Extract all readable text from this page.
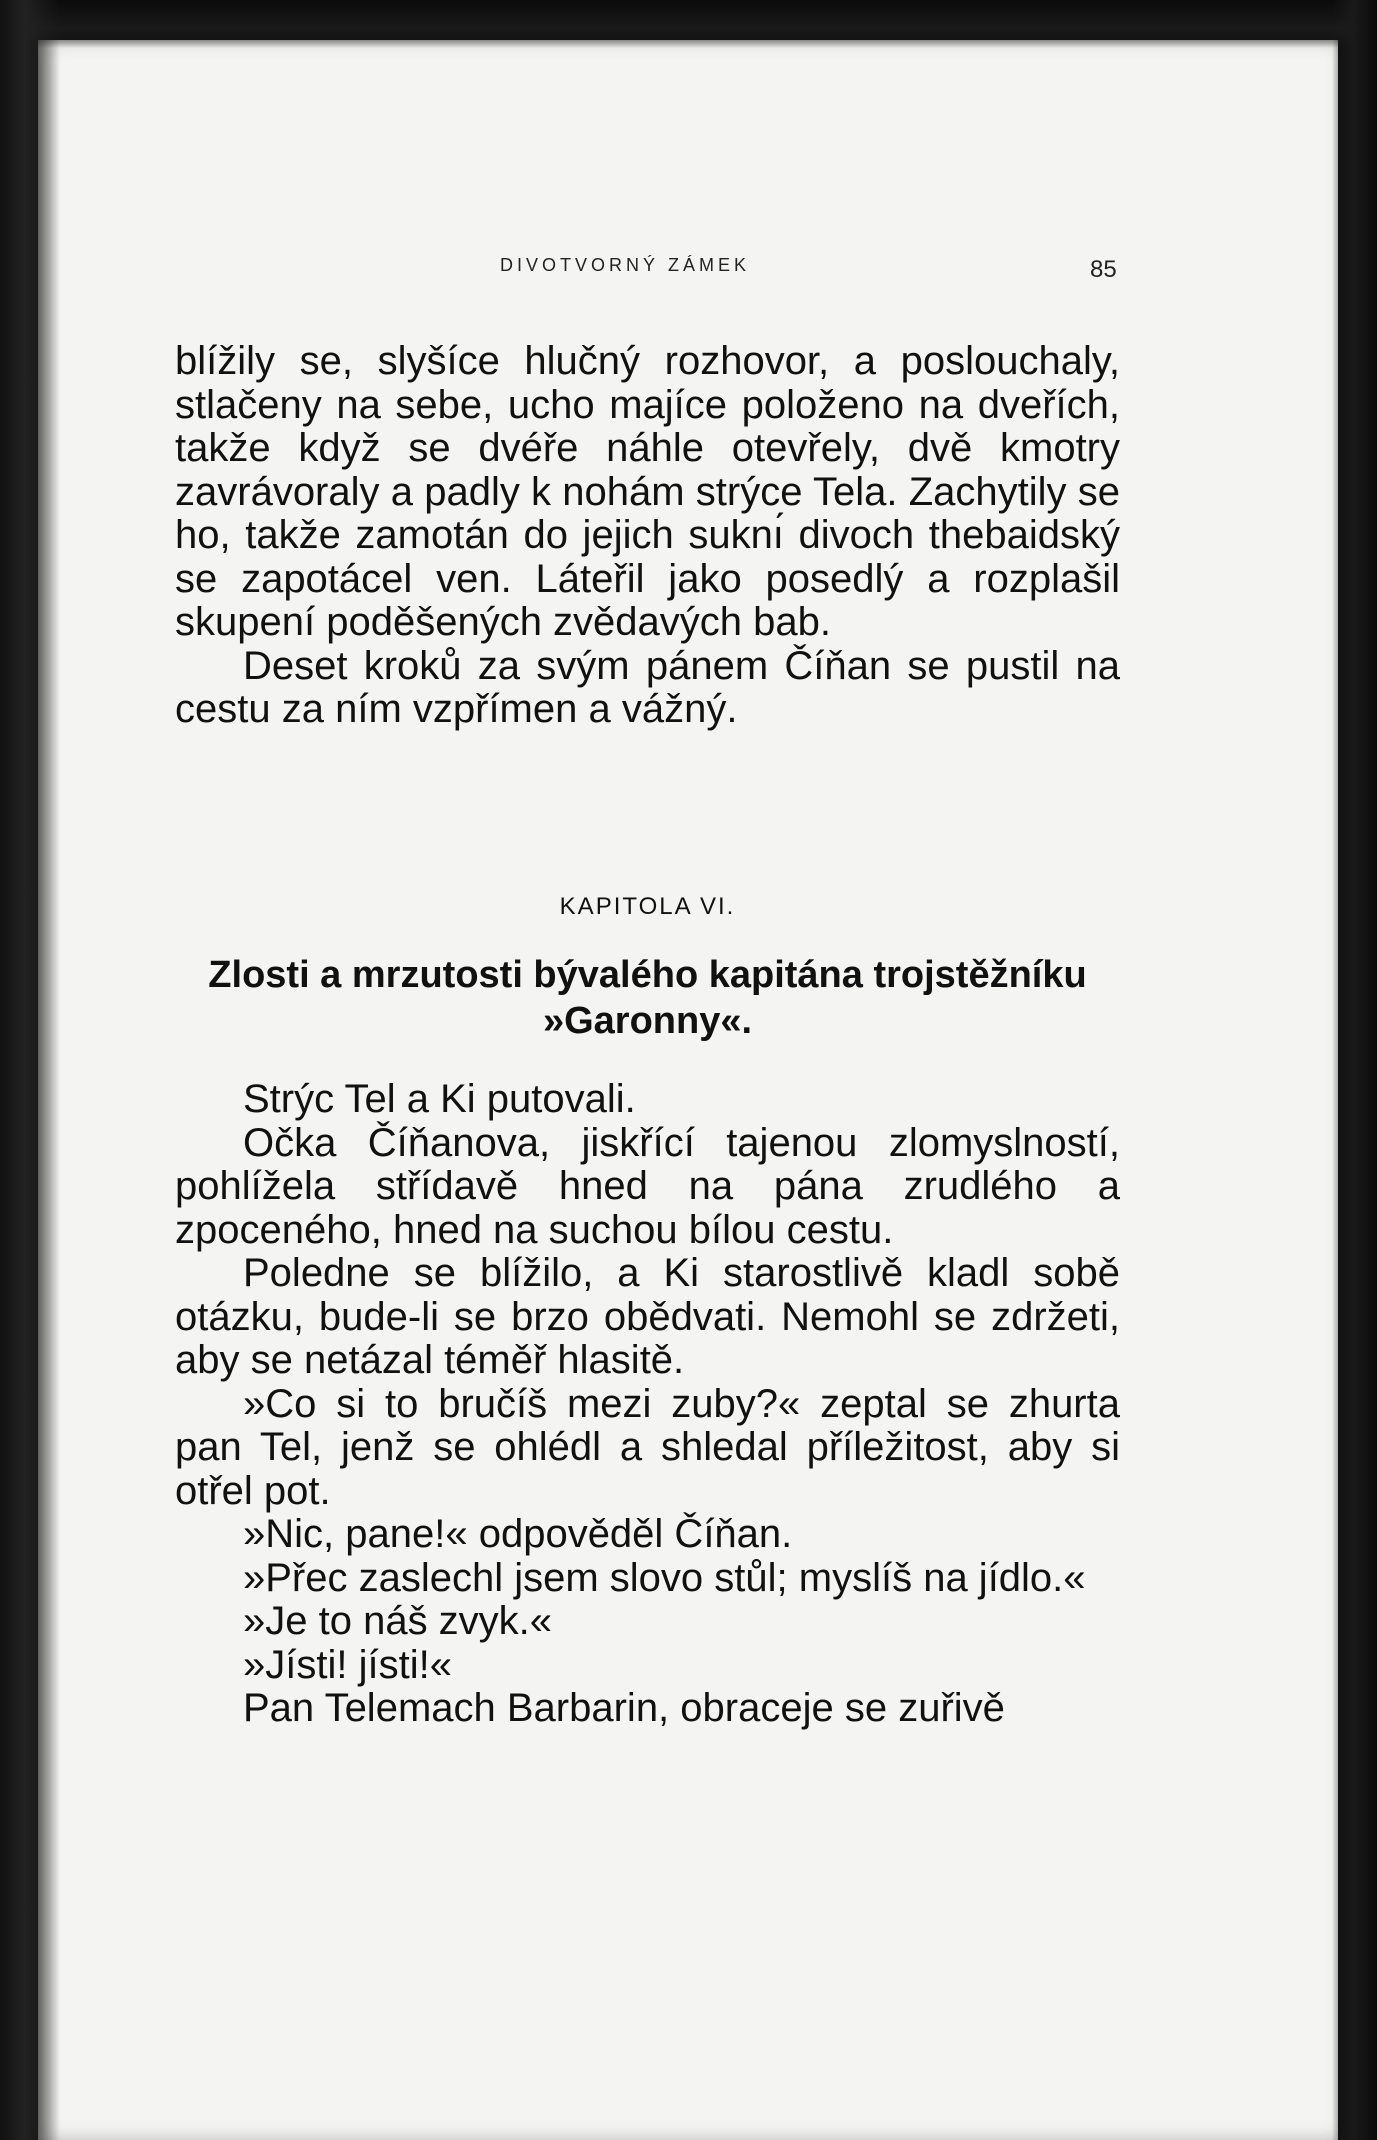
DIVOTVORNÝ ZÁMEK	85

blížily se, slyšíce hlučný rozhovor, a poslouchaly, stlačeny na sebe, ucho majíce položeno na dveřích, takže když se dvéře náhle otevřely, dvě kmotry zavrávoraly a padly k nohám strýce Tela. Zachytily se ho, takže zamotán do jejich suknı́ divoch thebaidský se zapotácel ven. Láteřil jako posedlý a rozplašil skupení poděšených zvědavých bab.

Deset kroků za svým pánem Číňan se pustil na cestu za ním vzpřímen a vážný.

KAPITOLA VI.
Zlosti a mrzutosti bývalého kapitána trojstěžníku »Garonny«.

Strýc Tel a Ki putovali.

Očka Číňanova, jiskřící tajenou zlomyslností, pohlížela střídavě hned na pána zrudlého a zpoceného, hned na suchou bílou cestu.

Poledne se blížilo, a Ki starostlivě kladl sobě otázku, bude-li se brzo obědvati. Nemohl se zdržeti, aby se netázal téměř hlasitě.

»Co si to bručíš mezi zuby?« zeptal se zhurta pan Tel, jenž se ohlédl a shledal příležitost, aby si otřel pot.

»Nic, pane!« odpověděl Číňan.

»Přec zaslechl jsem slovo stůl; myslíš na jídlo.«

»Je to náš zvyk.«

»Jísti! jísti!«

Pan Telemach Barbarin, obraceje se zuřivě
